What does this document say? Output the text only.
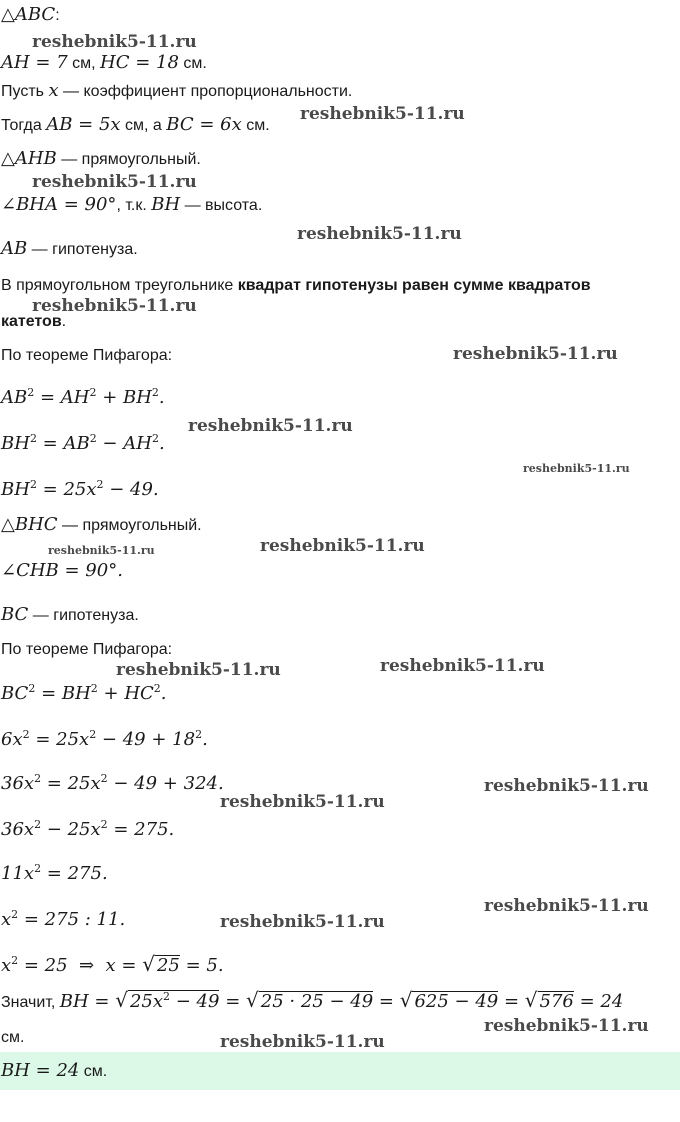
△ABC:
AH = 7 см, HC = 18 см.
Пусть x — коэффициент пропорциональности.
Тогда AB = 5x см, а BC = 6x см.
△AHB — прямоугольный.
∠BHA = 90°, т.к. BH — высота.
AB — гипотенуза.
В прямоугольном треугольнике квадрат гипотенузы равен сумме квадратов
катетов.
По теореме Пифагора:
$AB^2 = AH^2 + BH^2$.
$BH^2 = AB^2 - AH^2$.
$BH^2 = 25x^2 - 49$.
△BHC — прямоугольный.
∠CHB = 90°.
BC — гипотенуза.
По теореме Пифагора:
$BC^2 = BH^2 + HC^2$.
$6x^2 = 25x^2 - 49 + 18^2$.
$36x^2 = 25x^2 - 49 + 324$.
$36x^2 - 25x^2 = 275$.
$11x^2 = 275$.
$x^2 = 275$ : 11.
$x^2 = 25$  ⇒  x = √ 25 = 5.
Значит, BH = √ $25x^2 - 49$ = √ 25 · 25 − 49 = √ 625 − 49 = √ 576 = 24
см.
BH = 24 см.
reshebnik5-11.ru
reshebnik5-11.ru
reshebnik5-11.ru
reshebnik5-11.ru
reshebnik5-11.ru
reshebnik5-11.ru
reshebnik5-11.ru
reshebnik5-11.ru
reshebnik5-11.ru	reshebnik5-11.ru
reshebnik5-11.ru	reshebnik5-11.ru
reshebnik5-11.ru
reshebnik5-11.ru
reshebnik5-11.ru
reshebnik5-11.ru
reshebnik5-11.ru
reshebnik5-11.ru
